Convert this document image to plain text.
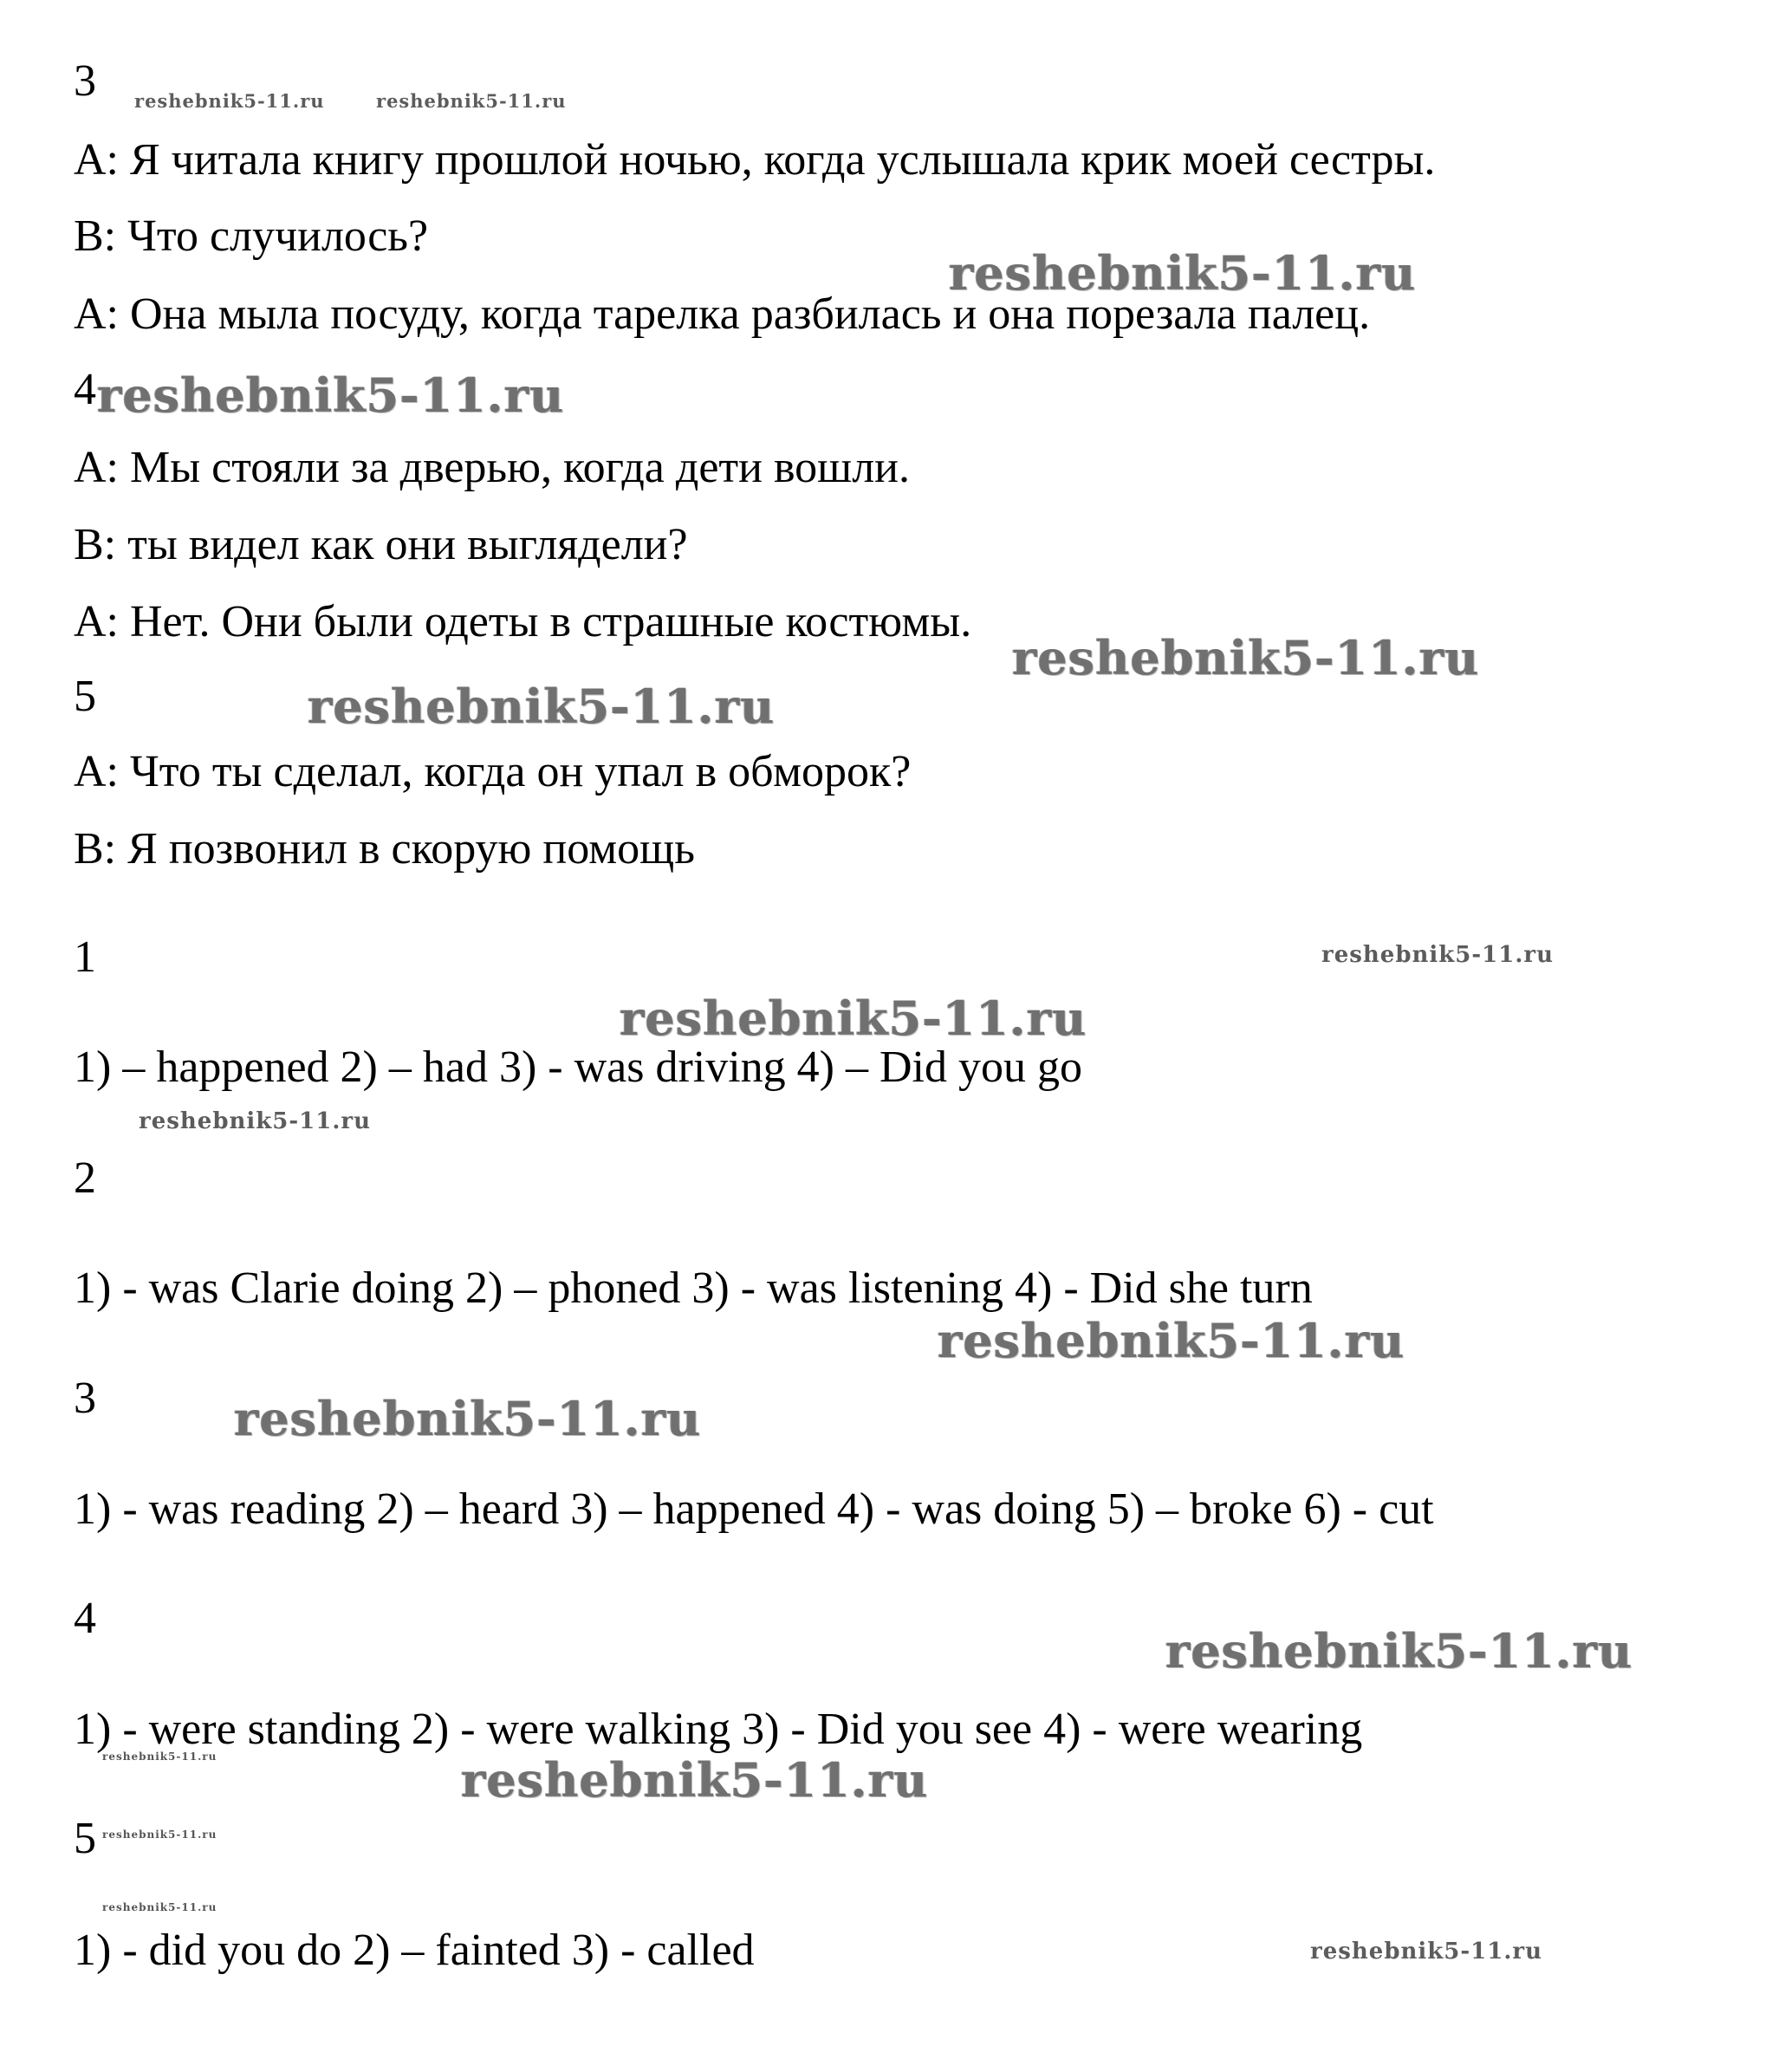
3
А: Я читала книгу прошлой ночью, когда услышала крик моей сестры.
В: Что случилось?
А: Она мыла посуду, когда тарелка разбилась и она порезала палец.
4
А: Мы стояли за дверью, когда дети вошли.
В: ты видел как они выглядели?
А: Нет. Они были одеты в страшные костюмы.
5
А: Что ты сделал, когда он упал в обморок?
В: Я позвонил в скорую помощь
1
1) – happened 2) – had 3) - was driving 4) – Did you go
2
1) - was Clarie doing 2) – phoned 3) - was listening 4) - Did she turn
3
1) - was reading 2) – heard 3) – happened 4) - was doing 5) – broke 6) - cut
4
1) - were standing 2) - were walking 3) - Did you see 4) - were wearing
5
1) - did you do 2) – fainted 3) - called
reshebnik5-11.ru	reshebnik5-11.ru
reshebnik5-11.ru
reshebnik5-11.ru
reshebnik5-11.ru
reshebnik5-11.ru
reshebnik5-11.ru
reshebnik5-11.ru
reshebnik5-11.ru
reshebnik5-11.ru
reshebnik5-11.ru
reshebnik5-11.ru
reshebnik5-11.ru	reshebnik5-11.ru
reshebnik5-11.ru
reshebnik5-11.ru
reshebnik5-11.ru
